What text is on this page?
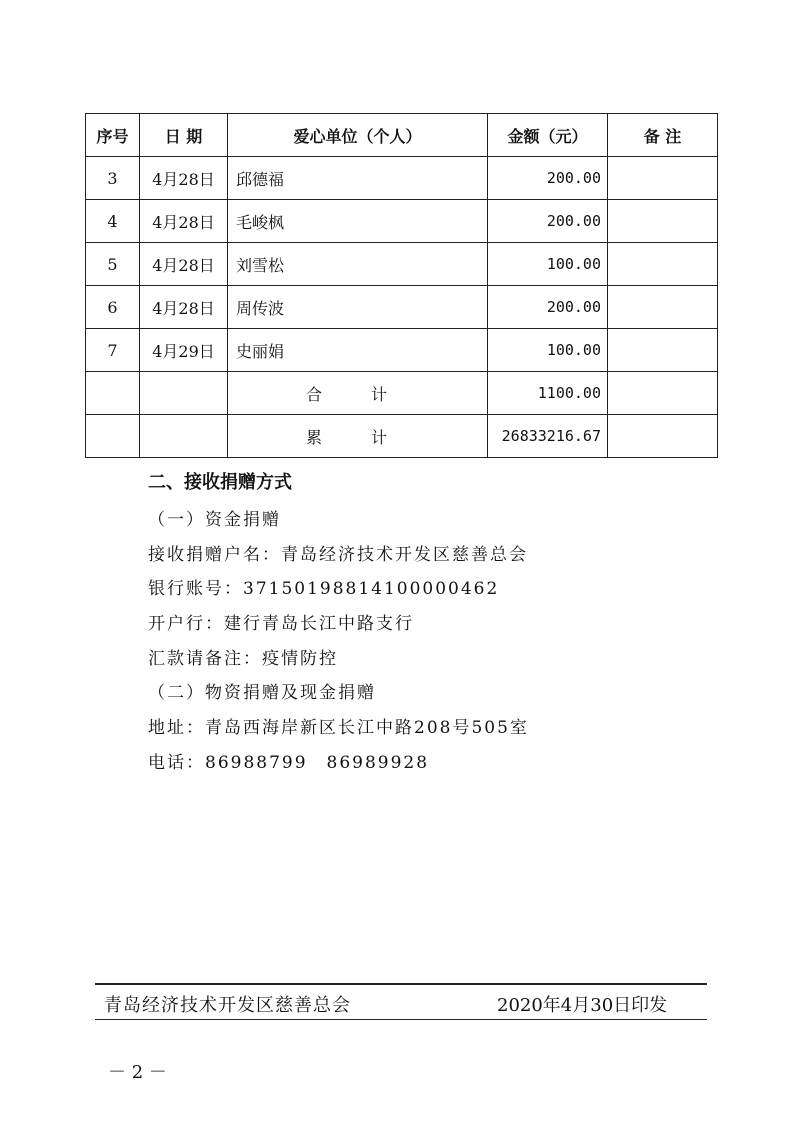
序号	日 期	爱心单位（个人）	金额（元）	备 注
3	4月28日	邱德福	200.00	
4	4月28日	毛峻枫	200.00	
5	4月28日	刘雪松	100.00	
6	4月28日	周传波	200.00	
7	4月29日	史丽娟	100.00	
		合 计	1100.00	
		累 计	26833216.67	
二、接收捐赠方式
（一）资金捐赠
接收捐赠户名：青岛经济技术开发区慈善总会
银行账号：37150198814100000462
开户行：建行青岛长江中路支行
汇款请备注：疫情防控
（二）物资捐赠及现金捐赠
地址：青岛西海岸新区长江中路208号505室
电话：86988799　86989928
青岛经济技术开发区慈善总会	2020年4月30日印发
－ 2 －
